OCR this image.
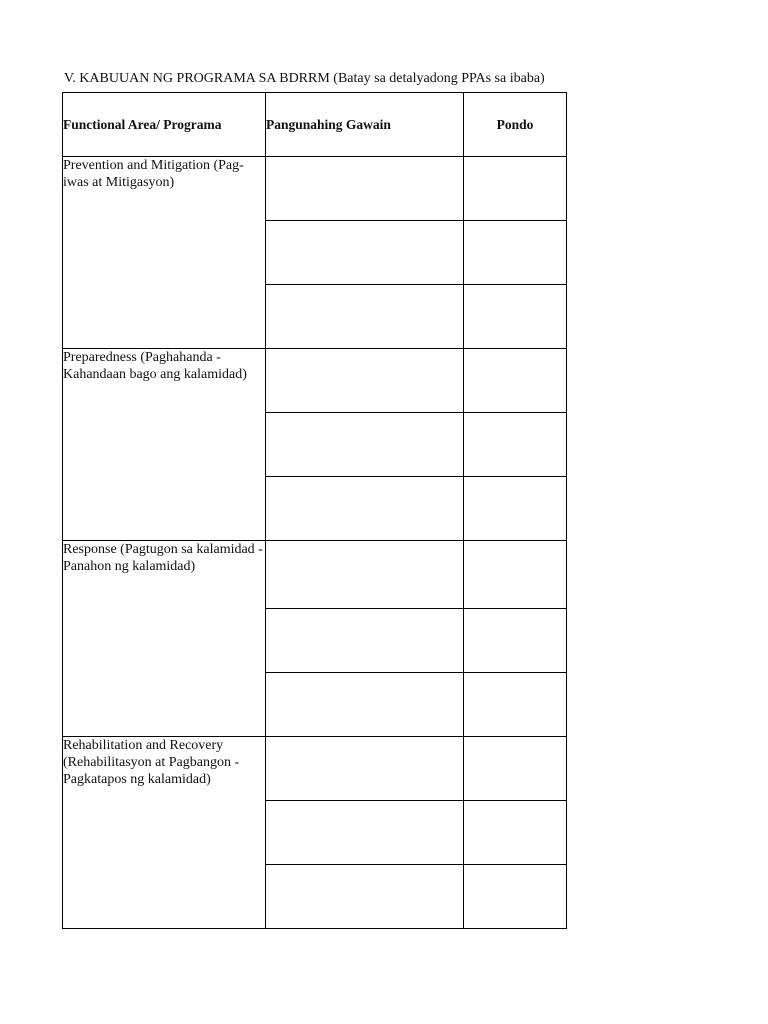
V. KABUUAN NG PROGRAMA SA BDRRM (Batay sa detalyadong PPAs sa ibaba)
Functional Area/ Programa	Pangunahing Gawain	Pondo
Prevention and Mitigation (Pag-iwas at Mitigasyon)		

Preparedness (Paghahanda - Kahandaan bago ang kalamidad)		

Response (Pagtugon sa kalamidad - Panahon ng kalamidad)		

Rehabilitation and Recovery (Rehabilitasyon at Pagbangon - Pagkatapos ng kalamidad)		
